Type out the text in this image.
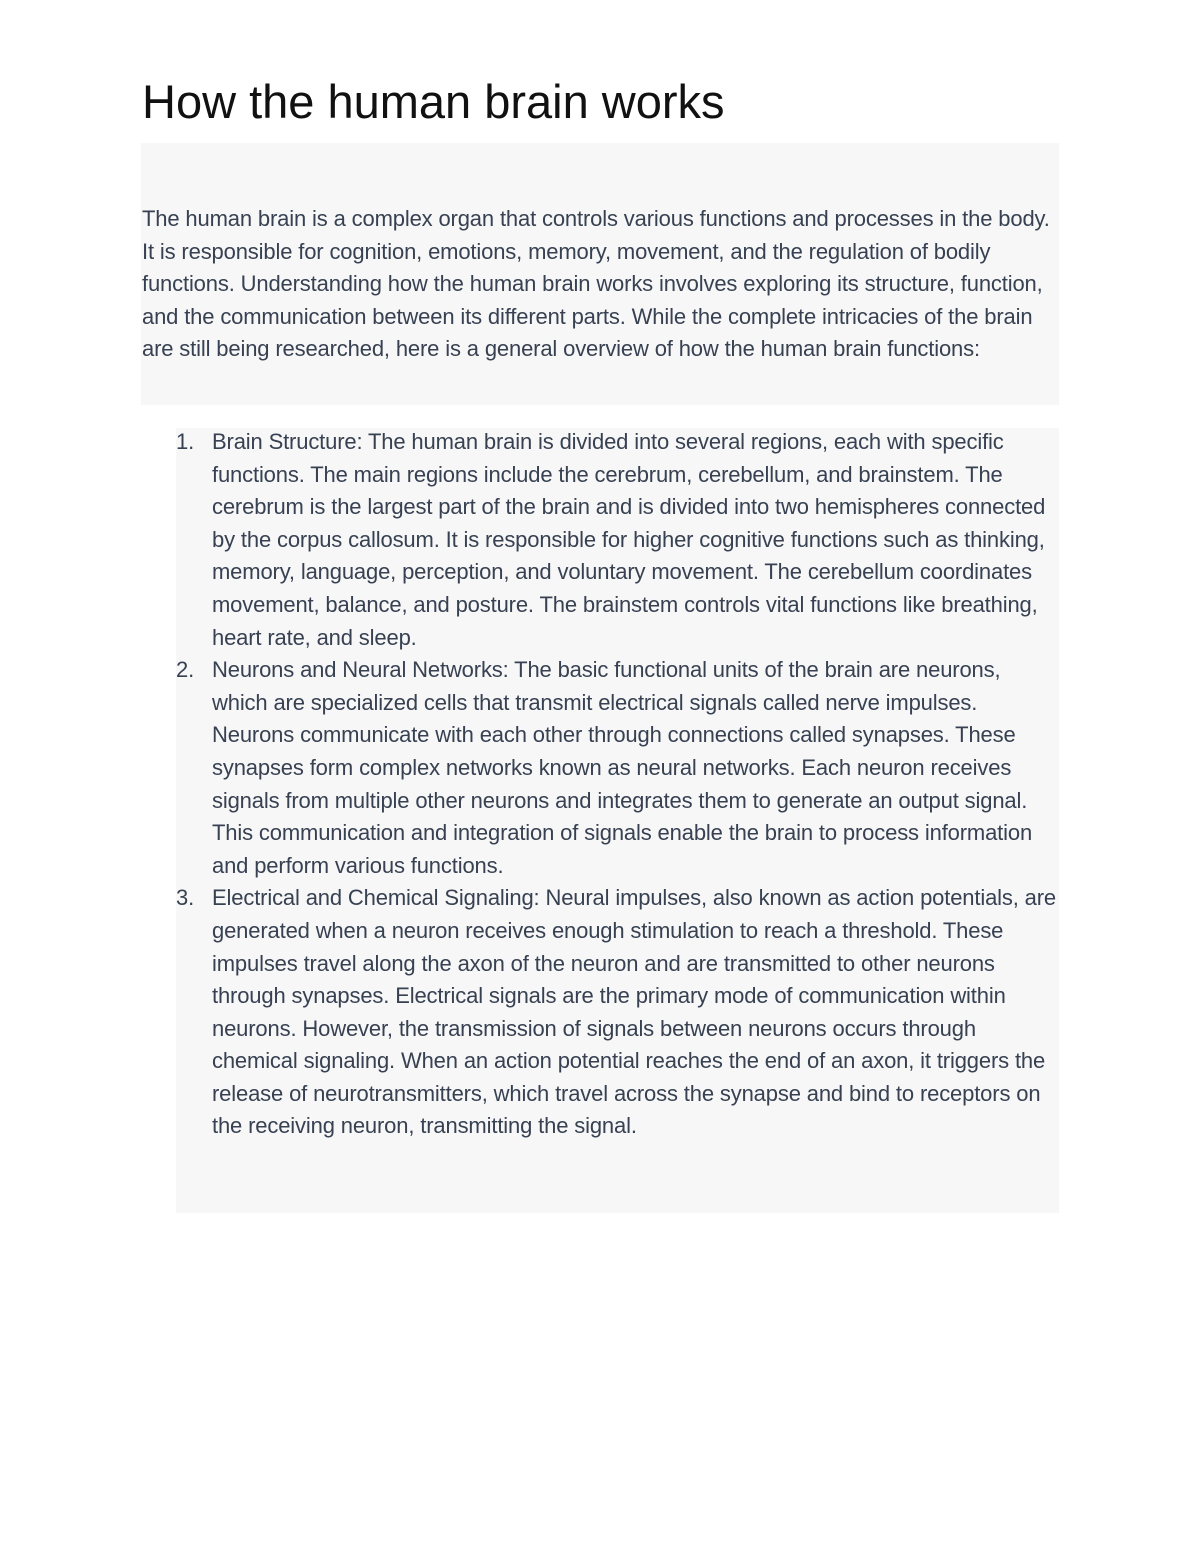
How the human brain works

The human brain is a complex organ that controls various functions and processes in the body. It is responsible for cognition, emotions, memory, movement, and the regulation of bodily functions. Understanding how the human brain works involves exploring its structure, function, and the communication between its different parts. While the complete intricacies of the brain are still being researched, here is a general overview of how the human brain functions:

1. Brain Structure: The human brain is divided into several regions, each with specific functions. The main regions include the cerebrum, cerebellum, and brainstem. The cerebrum is the largest part of the brain and is divided into two hemispheres connected by the corpus callosum. It is responsible for higher cognitive functions such as thinking, memory, language, perception, and voluntary movement. The cerebellum coordinates movement, balance, and posture. The brainstem controls vital functions like breathing, heart rate, and sleep.
2. Neurons and Neural Networks: The basic functional units of the brain are neurons, which are specialized cells that transmit electrical signals called nerve impulses. Neurons communicate with each other through connections called synapses. These synapses form complex networks known as neural networks. Each neuron receives signals from multiple other neurons and integrates them to generate an output signal. This communication and integration of signals enable the brain to process information and perform various functions.
3. Electrical and Chemical Signaling: Neural impulses, also known as action potentials, are generated when a neuron receives enough stimulation to reach a threshold. These impulses travel along the axon of the neuron and are transmitted to other neurons through synapses. Electrical signals are the primary mode of communication within neurons. However, the transmission of signals between neurons occurs through chemical signaling. When an action potential reaches the end of an axon, it triggers the release of neurotransmitters, which travel across the synapse and bind to receptors on the receiving neuron, transmitting the signal.
